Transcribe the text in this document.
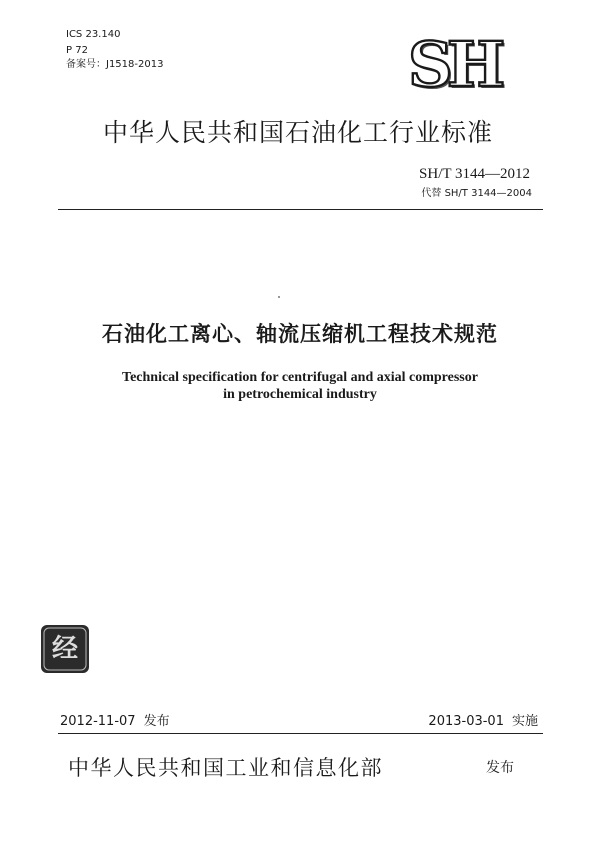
ICS 23.140
P 72
备案号：J1518-2013	SH
中华人民共和国石油化工行业标准
SH/T 3144—2012
代替 SH/T 3144—2004
石油化工离心、轴流压缩机工程技术规范
Technical specification for centrifugal and axial compressor
in petrochemical industry
经
2012-11-07 发布	2013-03-01 实施
中华人民共和国工业和信息化部	发布
